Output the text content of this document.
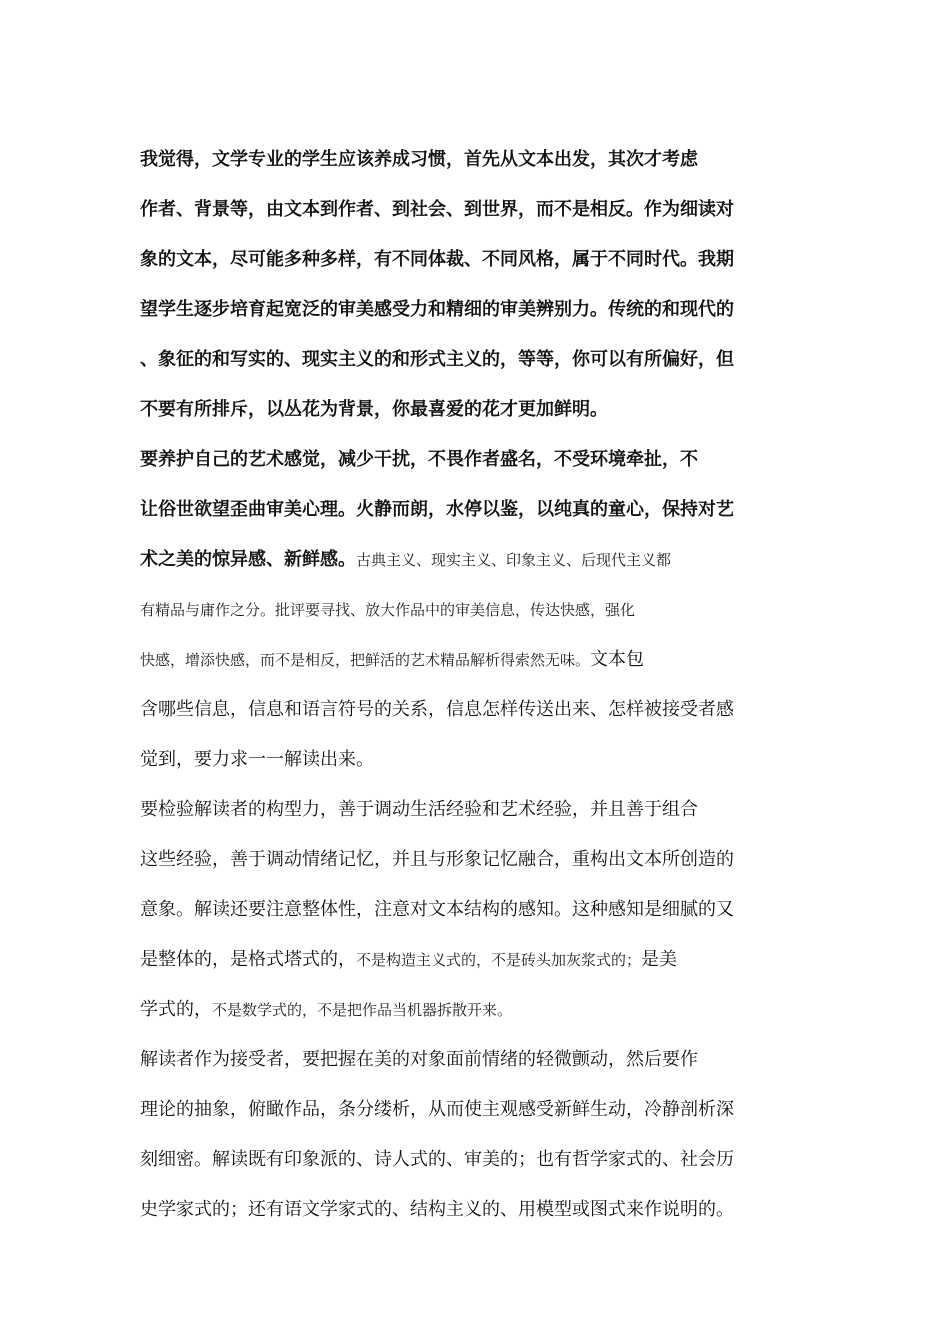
我觉得，文学专业的学生应该养成习惯，首先从文本出发，其次才考虑
作者、背景等，由文本到作者、到社会、到世界，而不是相反。作为细读对
象的文本，尽可能多种多样，有不同体裁、不同风格，属于不同时代。我期
望学生逐步培育起宽泛的审美感受力和精细的审美辨别力。传统的和现代的
、象征的和写实的、现实主义的和形式主义的，等等，你可以有所偏好，但
不要有所排斥，以丛花为背景，你最喜爱的花才更加鲜明。
要养护自己的艺术感觉，减少干扰，不畏作者盛名，不受环境牵扯，不
让俗世欲望歪曲审美心理。火静而朗，水停以鉴，以纯真的童心，保持对艺
术之美的惊异感、新鲜感。古典主义、现实主义、印象主义、后现代主义都
有精品与庸作之分。批评要寻找、放大作品中的审美信息，传达快感，强化
快感，增添快感，而不是相反，把鲜活的艺术精品解析得索然无味。文本包
含哪些信息，信息和语言符号的关系，信息怎样传送出来、怎样被接受者感
觉到，要力求一一解读出来。
要检验解读者的构型力，善于调动生活经验和艺术经验，并且善于组合
这些经验，善于调动情绪记忆，并且与形象记忆融合，重构出文本所创造的
意象。解读还要注意整体性，注意对文本结构的感知。这种感知是细腻的又
是整体的，是格式塔式的，不是构造主义式的，不是砖头加灰浆式的；是美
学式的，不是数学式的，不是把作品当机器拆散开来。
解读者作为接受者，要把握在美的对象面前情绪的轻微颤动，然后要作
理论的抽象，俯瞰作品，条分缕析，从而使主观感受新鲜生动，冷静剖析深
刻细密。解读既有印象派的、诗人式的、审美的；也有哲学家式的、社会历
史学家式的；还有语文学家式的、结构主义的、用模型或图式来作说明的。
